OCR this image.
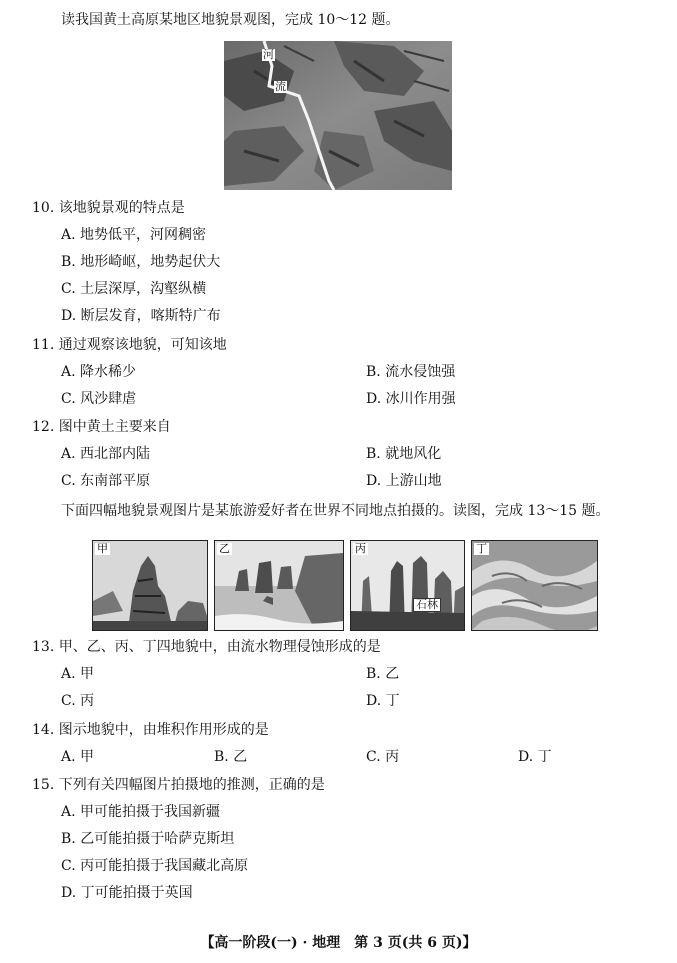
读我国黄土高原某地区地貌景观图，完成 10～12 题。
河
流
10. 该地貌景观的特点是
A. 地势低平，河网稠密
B. 地形崎岖，地势起伏大
C. 土层深厚，沟壑纵横
D. 断层发育，喀斯特广布
11. 通过观察该地貌，可知该地
A. 降水稀少	B. 流水侵蚀强
C. 风沙肆虐	D. 冰川作用强
12. 图中黄土主要来自
A. 西北部内陆	B. 就地风化
C. 东南部平原	D. 上游山地
下面四幅地貌景观图片是某旅游爱好者在世界不同地点拍摄的。读图，完成 13～15 题。
甲	乙	丙
石林
丁
13. 甲、乙、丙、丁四地貌中，由流水物理侵蚀形成的是
A. 甲	B. 乙
C. 丙	D. 丁
14. 图示地貌中，由堆积作用形成的是
A. 甲	B. 乙	C. 丙	D. 丁
15. 下列有关四幅图片拍摄地的推测，正确的是
A. 甲可能拍摄于我国新疆
B. 乙可能拍摄于哈萨克斯坦
C. 丙可能拍摄于我国藏北高原
D. 丁可能拍摄于英国
【高一阶段(一) · 地理　第 3 页(共 6 页)】
